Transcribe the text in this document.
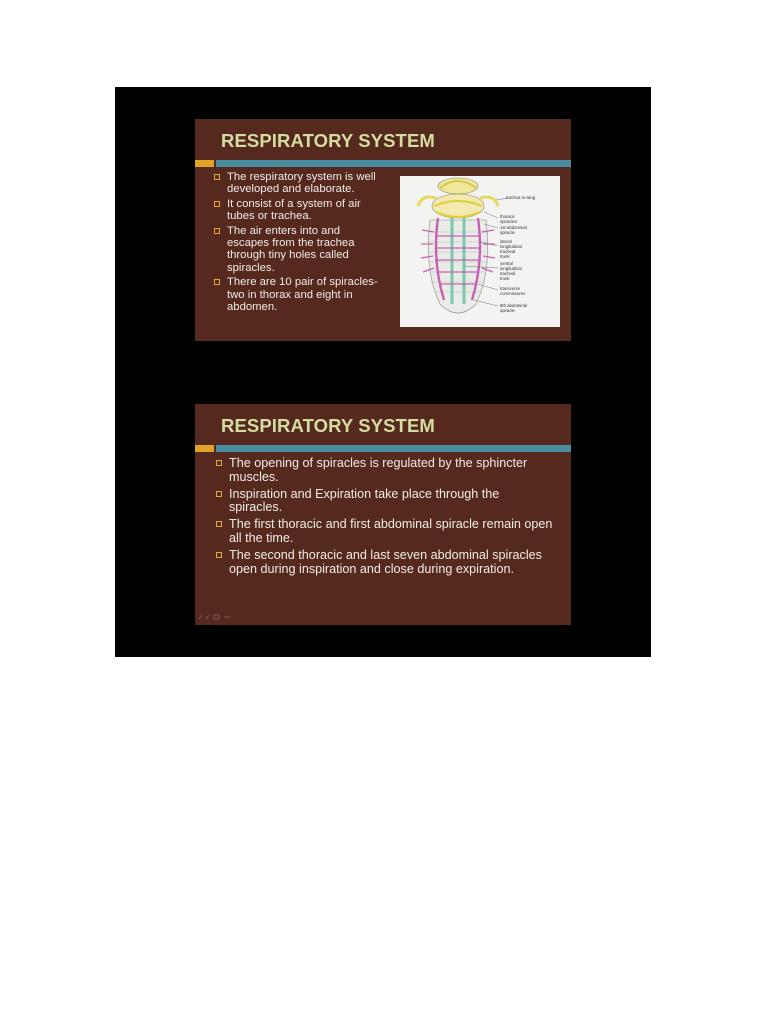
RESPIRATORY SYSTEM
The respiratory system is well developed and elaborate.
It consist of a system of air tubes or trachea.
The air enters into and escapes from the trachea through tiny holes called spiracles.
There are 10 pair of spiracles- two in thorax and eight in abdomen.
trachea to wing
thoracic
spiracles
1st abdominal
spiracle
lateral
longitudinal
tracheal
trunk
ventral
longitudinal
tracheal
trunk
transverse
commissures
8th abdominal
spiracle
RESPIRATORY SYSTEM
The opening of spiracles is regulated by the sphincter muscles.
Inspiration and Expiration take place through the spiracles.
The first thoracic and first abdominal spiracle remain open all the time.
The second thoracic and last seven abdominal spiracles open during inspiration and close during expiration.
